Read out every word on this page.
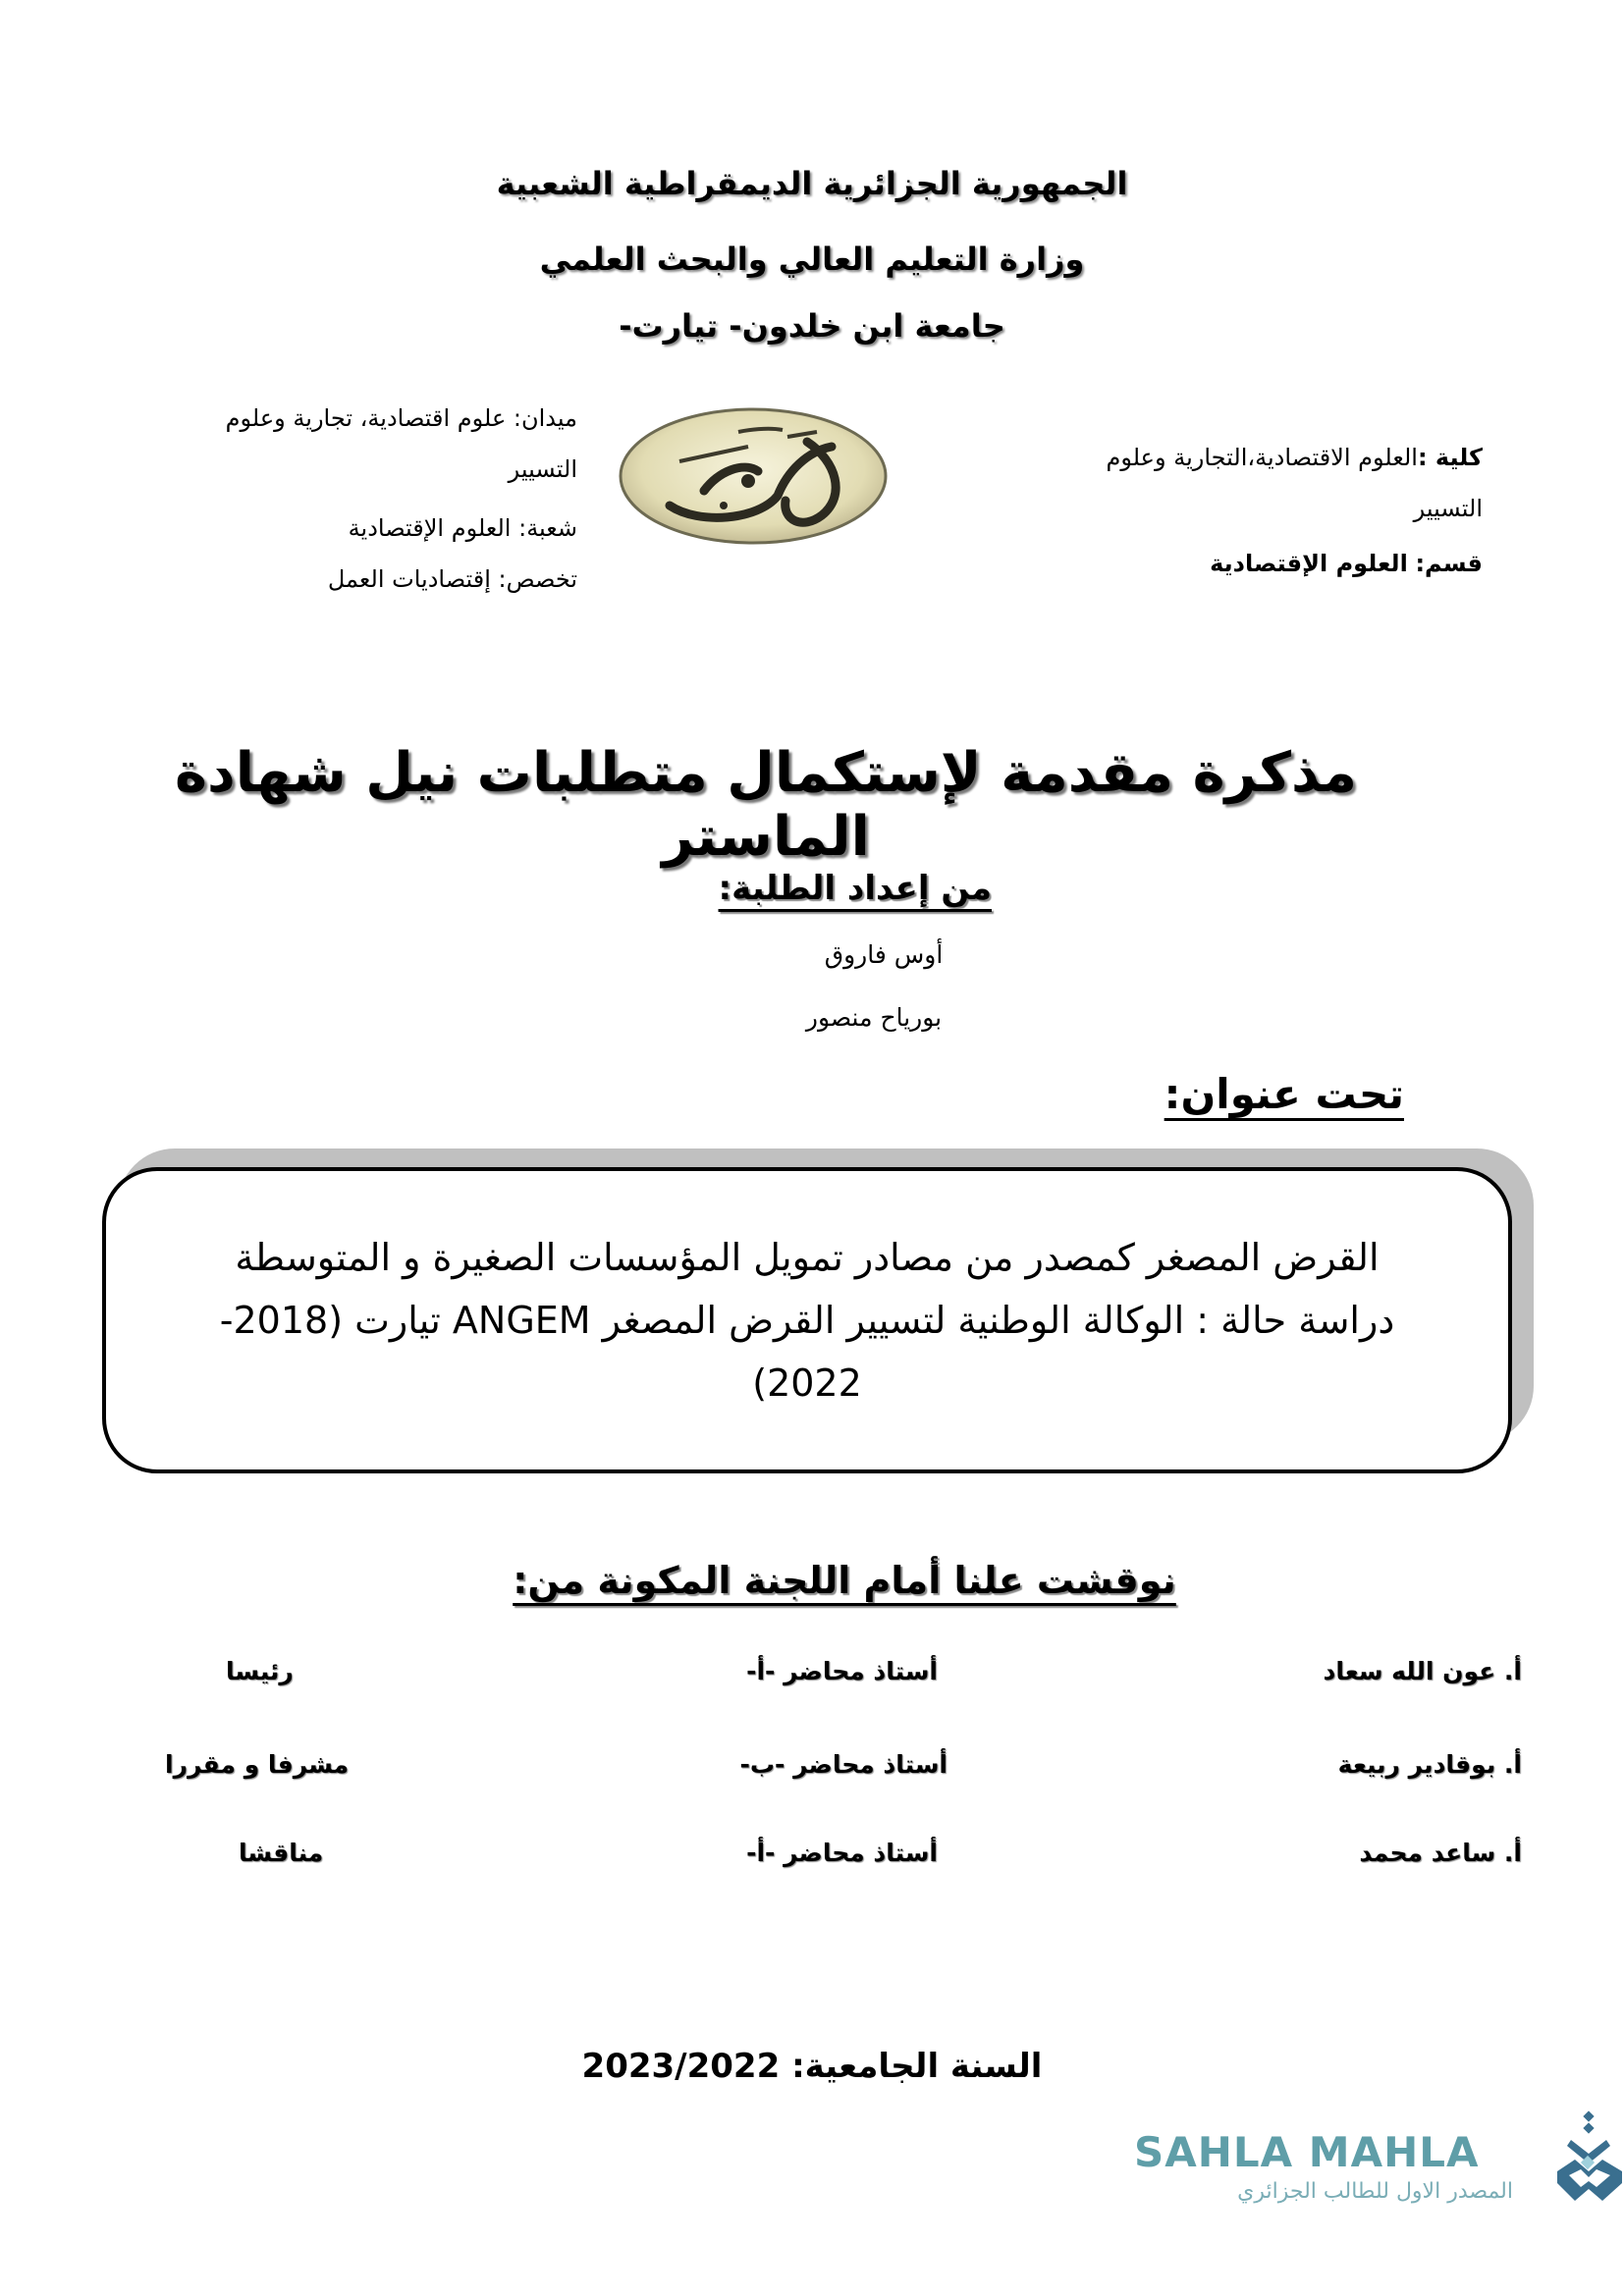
الجمهورية الجزائرية الديمقراطية الشعبية
وزارة التعليم العالي والبحث العلمي
جامعة ابن خلدون- تيارت-
ميدان: علوم اقتصادية، تجارية وعلوم
التسيير
شعبة: العلوم الإقتصادية
تخصص: إقتصاديات العمل
كلية :العلوم الاقتصادية،التجارية وعلوم
التسيير
قسم: العلوم الإقتصادية
مذكرة مقدمة لإستكمال متطلبات نيل شهادة الماستر
من إعداد الطلبة:
أوس فاروق
بورياح منصور
تحت عنوان:
القرض المصغر كمصدر من مصادر تمويل المؤسسات الصغيرة و المتوسطة
دراسة حالة : الوكالة الوطنية لتسيير القرض المصغر ANGEM تيارت (2018-
2022)
نوقشت علنا أمام اللجنة المكونة من:
أ. عون الله سعاد
أستاذ محاضر -أ-
رئيسا
أ. بوقادير ربيعة
أستاذ محاضر -ب-
مشرفا و مقررا
أ. ساعد محمد
أستاذ محاضر -أ-
مناقشا
السنة الجامعية: 2023/2022
SAHLA MAHLA
المصدر الاول للطالب الجزائري
